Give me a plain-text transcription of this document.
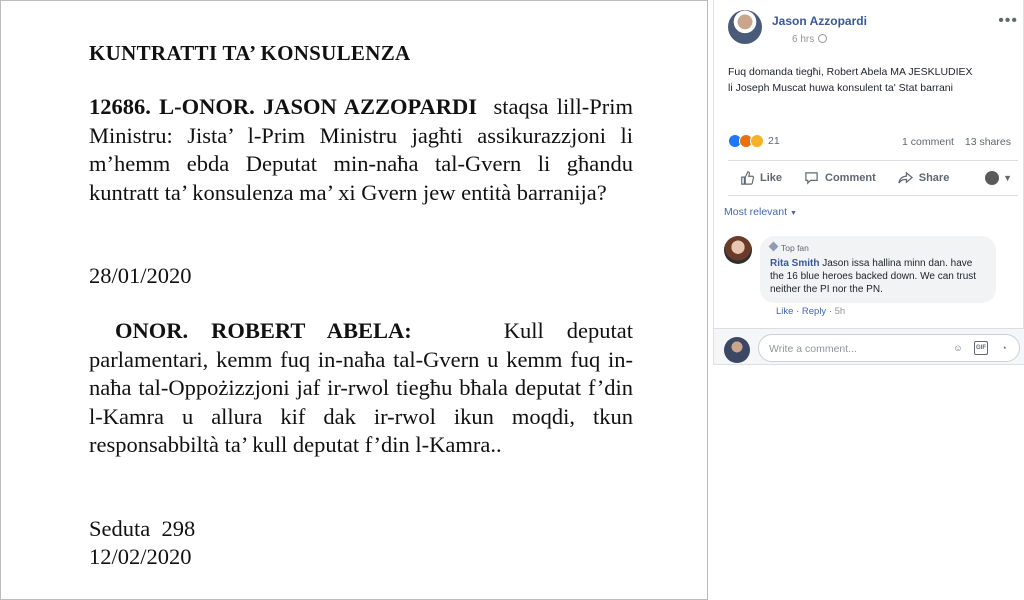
KUNTRATTI TA’ KONSULENZA
12686. L-ONOR. JASON AZZOPARDI staqsa lill-Prim Ministru: Jista’ l-Prim Ministru jagħti assikurazzjoni li m’hemm ebda Deputat min-naħa tal-Gvern li għandu kuntratt ta’ konsulenza ma’ xi Gvern jew entità barranija?
28/01/2020
ONOR. ROBERT ABELA:	Kull deputat parlamentari, kemm fuq in-naħa tal-Gvern u kemm fuq in-naħa tal-Oppożizzjoni jaf ir-rwol tiegħu bħala deputat f’din l-Kamra u allura kif dak ir-rwol ikun moqdi, tkun responsabbiltà ta’ kull deputat f’din l-Kamra..
Seduta  298
12/02/2020
Jason Azzopardi
6 hrs
•••
Fuq domanda tiegħi, Robert Abela MA JESKLUDIEX
li Joseph Muscat huwa konsulent ta' Stat barrani
21	1 comment 13 shares
Like	Comment	Share	▼
Most relevant ▼
Top fan
Rita Smith Jason issa hallina minn dan. have the 16 blue heroes backed down. We can trust neither the PI nor the PN.
Like · Reply · 5h
Write a comment...	☺	GIF	◔
